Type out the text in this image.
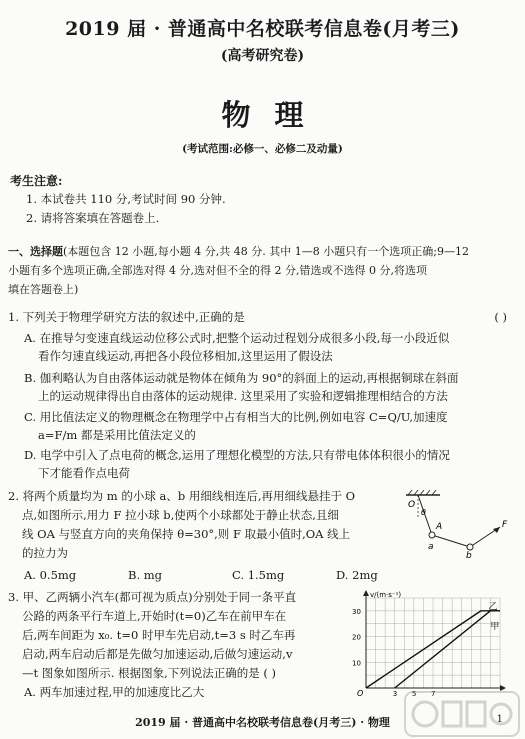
2019 届 · 普通高中名校联考信息卷(月考三)
(高考研究卷)
物理
(考试范围:必修一、必修二及动量)
考生注意:
1. 本试卷共 110 分,考试时间 90 分钟.
2. 请将答案填在答题卷上.
一、选择题(本题包含 12 小题,每小题 4 分,共 48 分. 其中 1—8 小题只有一个选项正确;9—12
小题有多个选项正确,全部选对得 4 分,选对但不全的得 2 分,错选或不选得 0 分,将选项
填在答题卷上)
1. 下列关于物理学研究方法的叙述中,正确的是	( )
A. 在推导匀变速直线运动位移公式时,把整个运动过程划分成很多小段,每一小段近似
看作匀速直线运动,再把各小段位移相加,这里运用了假设法
B. 伽利略认为自由落体运动就是物体在倾角为 90°的斜面上的运动,再根据铜球在斜面
上的运动规律得出自由落体的运动规律. 这里采用了实验和逻辑推理相结合的方法
C. 用比值法定义的物理概念在物理学中占有相当大的比例,例如电容 C=Q/U,加速度
a=F/m 都是采用比值法定义的
D. 电学中引入了点电荷的概念,运用了理想化模型的方法,只有带电体体积很小的情况
下才能看作点电荷
2. 将两个质量均为 m 的小球 a、b 用细线相连后,再用细线悬挂于 O
点,如图所示,用力 F 拉小球 b,使两个小球都处于静止状态,且细
线 OA 与竖直方向的夹角保持 θ=30°,则 F 取最小值时,OA 线上
的拉力为
A. 0.5mg	B. mg	C. 1.5mg	D. 2mg
O
θ
A
a
b
F
3. 甲、乙两辆小汽车(都可视为质点)分别处于同一条平直
公路的两条平行车道上,开始时(t=0)乙车在前甲车在
后,两车间距为 x₀. t=0 时甲车先启动,t=3 s 时乙车再
启动,两车启动后都是先做匀加速运动,后做匀速运动,v
—t 图象如图所示. 根据图象,下列说法正确的是 ( )
A. 两车加速过程,甲的加速度比乙大
v/(m·s⁻¹)
O
30
20
10
3 5 7
甲
乙
2019 届 · 普通高中名校联考信息卷(月考三) · 物理	1
